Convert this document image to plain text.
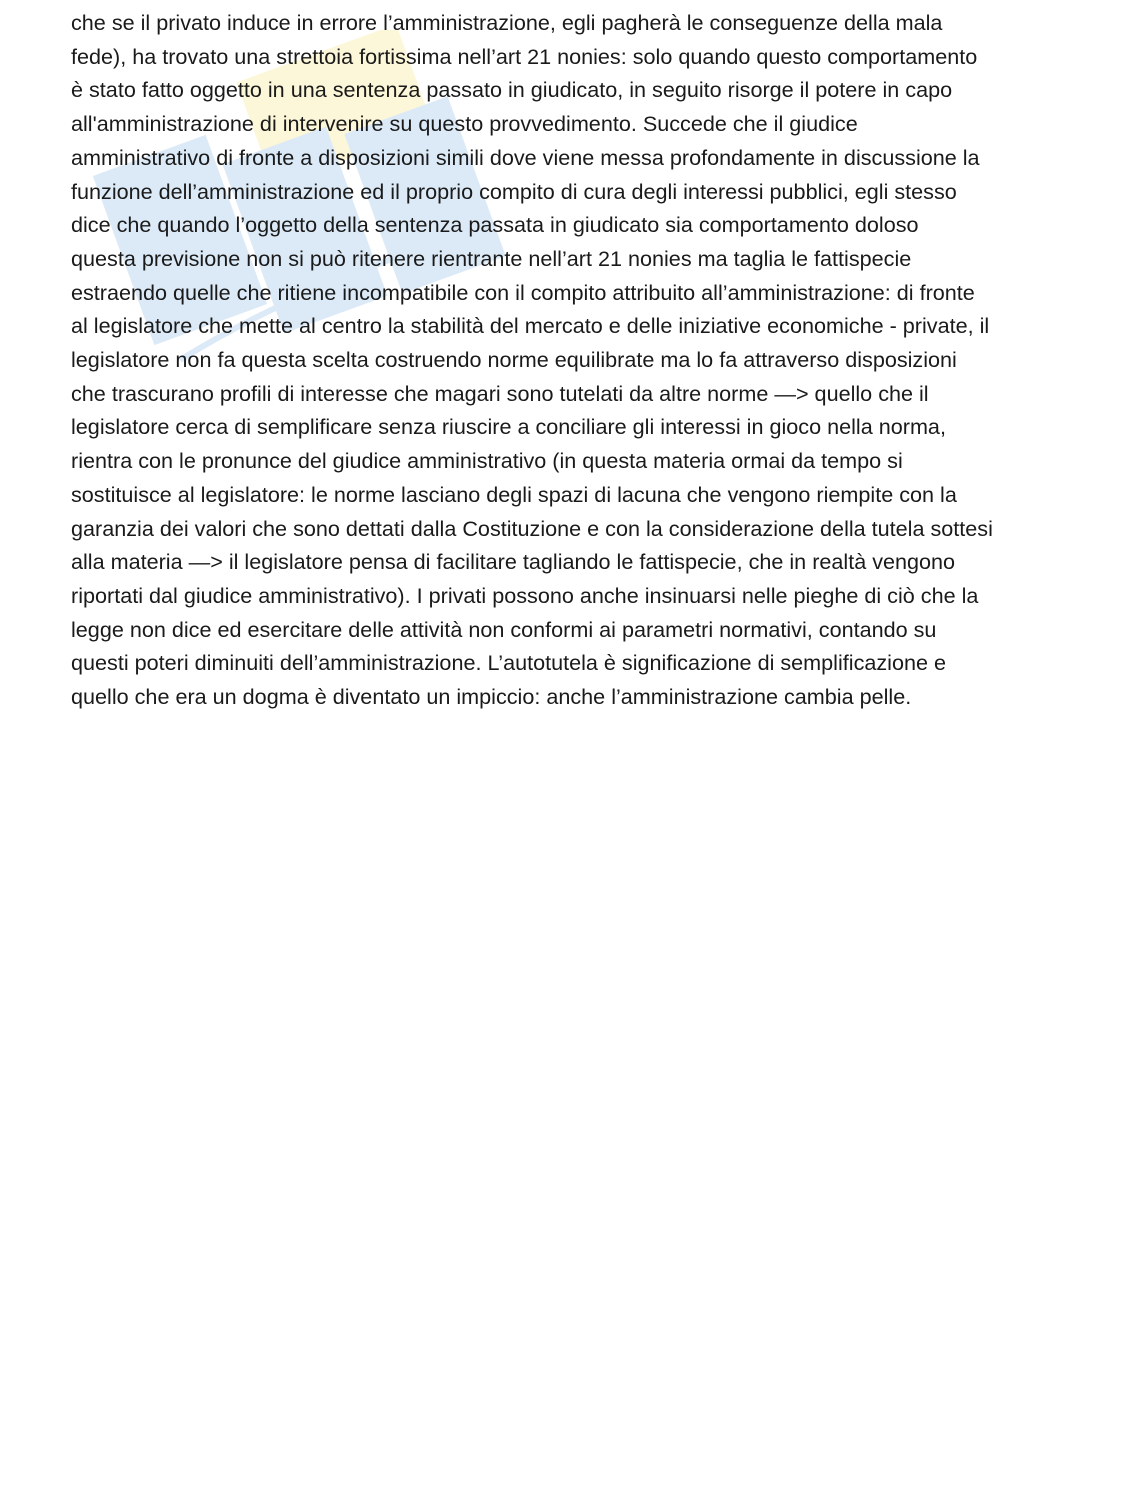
che se il privato induce in errore l’amministrazione, egli pagherà le conseguenze della mala
fede), ha trovato una strettoia fortissima nell’art 21 nonies: solo quando questo comportamento
è stato fatto oggetto in una sentenza passato in giudicato, in seguito risorge il potere in capo
all'amministrazione di intervenire su questo provvedimento. Succede che il giudice
amministrativo di fronte a disposizioni simili dove viene messa profondamente in discussione la
funzione dell’amministrazione ed il proprio compito di cura degli interessi pubblici, egli stesso
dice che quando l’oggetto della sentenza passata in giudicato sia comportamento doloso
questa previsione non si può ritenere rientrante nell’art 21 nonies ma taglia le fattispecie
estraendo quelle che ritiene incompatibile con il compito attribuito all’amministrazione: di fronte
al legislatore che mette al centro la stabilità del mercato e delle iniziative economiche - private, il
legislatore non fa questa scelta costruendo norme equilibrate ma lo fa attraverso disposizioni
che trascurano profili di interesse che magari sono tutelati da altre norme —> quello che il
legislatore cerca di semplificare senza riuscire a conciliare gli interessi in gioco nella norma,
rientra con le pronunce del giudice amministrativo (in questa materia ormai da tempo si
sostituisce al legislatore: le norme lasciano degli spazi di lacuna che vengono riempite con la
garanzia dei valori che sono dettati dalla Costituzione e con la considerazione della tutela sottesi
alla materia —> il legislatore pensa di facilitare tagliando le fattispecie, che in realtà vengono
riportati dal giudice amministrativo). I privati possono anche insinuarsi nelle pieghe di ciò che la
legge non dice ed esercitare delle attività non conformi ai parametri normativi, contando su
questi poteri diminuiti dell’amministrazione. L’autotutela è significazione di semplificazione e
quello che era un dogma è diventato un impiccio: anche l’amministrazione cambia pelle.
